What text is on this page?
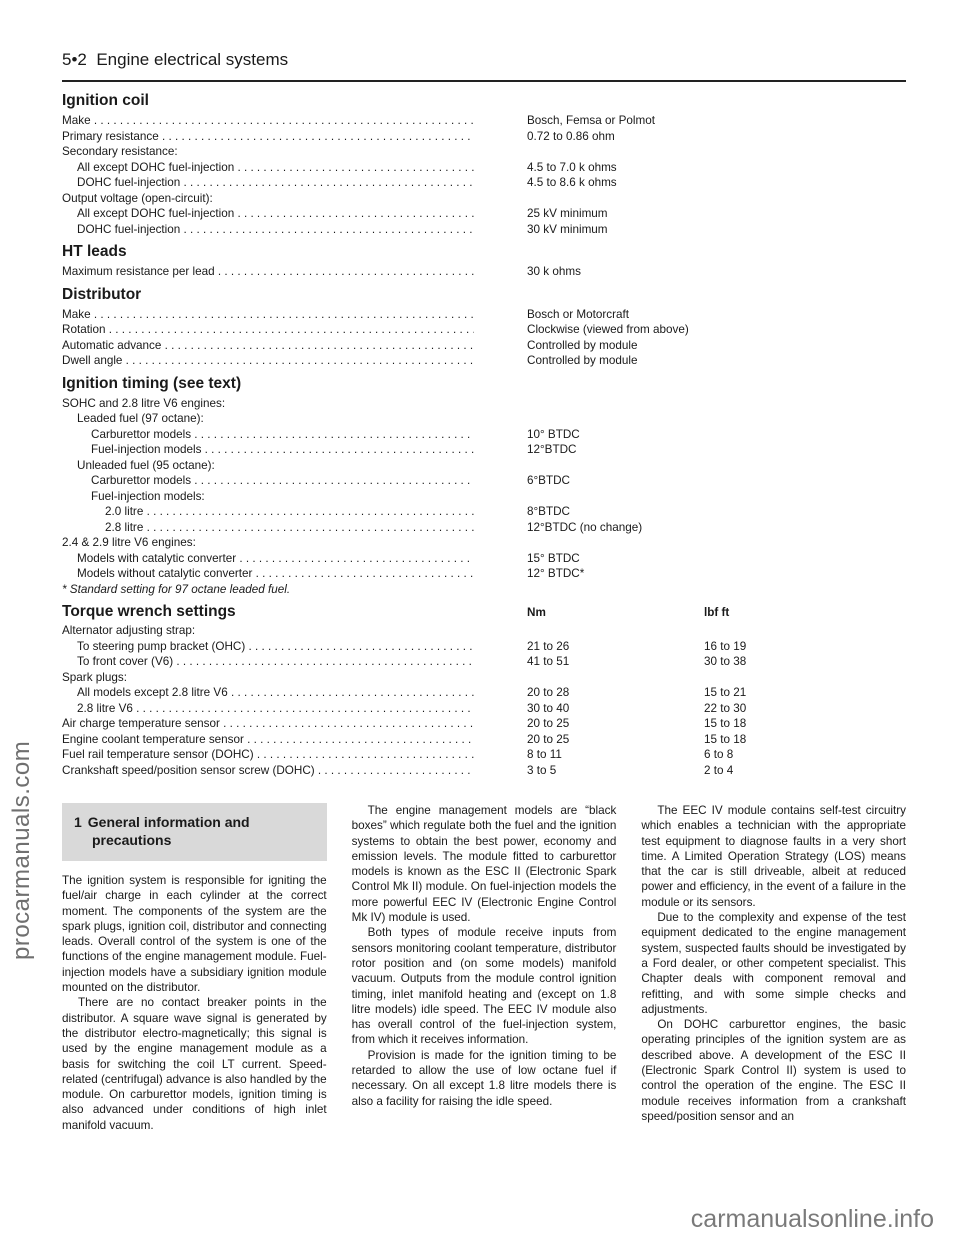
5•2 Engine electrical systems
Ignition coil
Make . . .	Bosch, Femsa or Polmot
Primary resistance . . .	0.72 to 0.86 ohm
Secondary resistance:
All except DOHC fuel-injection . . .	4.5 to 7.0 k ohms
DOHC fuel-injection . . .	4.5 to 8.6 k ohms
Output voltage (open-circuit):
All except DOHC fuel-injection . . .	25 kV minimum
DOHC fuel-injection . . .	30 kV minimum
HT leads
Maximum resistance per lead . . .	30 k ohms
Distributor
Make . . .	Bosch or Motorcraft
Rotation . . .	Clockwise (viewed from above)
Automatic advance . . .	Controlled by module
Dwell angle . . .	Controlled by module
Ignition timing (see text)
SOHC and 2.8 litre V6 engines:
Leaded fuel (97 octane):
Carburettor models . . .	10° BTDC
Fuel-injection models . . .	12°BTDC
Unleaded fuel (95 octane):
Carburettor models . . .	6°BTDC
Fuel-injection models:
2.0 litre . . .	8°BTDC
2.8 litre . . .	12°BTDC (no change)
2.4 & 2.9 litre V6 engines:
Models with catalytic converter . . .	15° BTDC
Models without catalytic converter . . .	12° BTDC*
* Standard setting for 97 octane leaded fuel.
Torque wrench settings	Nm	lbf ft
Alternator adjusting strap:
To steering pump bracket (OHC) . . .	21 to 26	16 to 19
To front cover (V6) . . .	41 to 51	30 to 38
Spark plugs:
All models except 2.8 litre V6 . . .	20 to 28	15 to 21
2.8 litre V6 . . .	30 to 40	22 to 30
Air charge temperature sensor . . .	20 to 25	15 to 18
Engine coolant temperature sensor . . .	20 to 25	15 to 18
Fuel rail temperature sensor (DOHC) . . .	8 to 11	6 to 8
Crankshaft speed/position sensor screw (DOHC) . . .	3 to 5	2 to 4
1 General information and
precautions

The ignition system is responsible for igniting the fuel/air charge in each cylinder at the correct moment. The components of the system are the spark plugs, ignition coil, distributor and connecting leads. Overall control of the system is one of the functions of the engine management module. Fuel-injection models have a subsidiary ignition module mounted on the distributor.

There are no contact breaker points in the distributor. A square wave signal is generated by the distributor electro-magnetically; this signal is used by the engine management module as a basis for switching the coil LT current. Speed-related (centrifugal) advance is also handled by the module. On carburettor models, ignition timing is also advanced under conditions of high inlet manifold vacuum.

The engine management models are “black boxes” which regulate both the fuel and the ignition systems to obtain the best power, economy and emission levels. The module fitted to carburettor models is known as the ESC II (Electronic Spark Control Mk II) module. On fuel-injection models the more powerful EEC IV (Electronic Engine Control Mk IV) module is used.

Both types of module receive inputs from sensors monitoring coolant temperature, distributor rotor position and (on some models) manifold vacuum. Outputs from the module control ignition timing, inlet manifold heating and (except on 1.8 litre models) idle speed. The EEC IV module also has overall control of the fuel-injection system, from which it receives information.

Provision is made for the ignition timing to be retarded to allow the use of low octane fuel if necessary. On all except 1.8 litre models there is also a facility for raising the idle speed.

The EEC IV module contains self-test circuitry which enables a technician with the appropriate test equipment to diagnose faults in a very short time. A Limited Operation Strategy (LOS) means that the car is still driveable, albeit at reduced power and efficiency, in the event of a failure in the module or its sensors.

Due to the complexity and expense of the test equipment dedicated to the engine management system, suspected faults should be investigated by a Ford dealer, or other competent specialist. This Chapter deals with component removal and refitting, and with some simple checks and adjustments.

On DOHC carburettor engines, the basic operating principles of the ignition system are as described above. A development of the ESC II (Electronic Spark Control II) system is used to control the operation of the engine. The ESC II module receives information from a crankshaft speed/position sensor and an

procarmanuals.com
carmanualsonline.info
